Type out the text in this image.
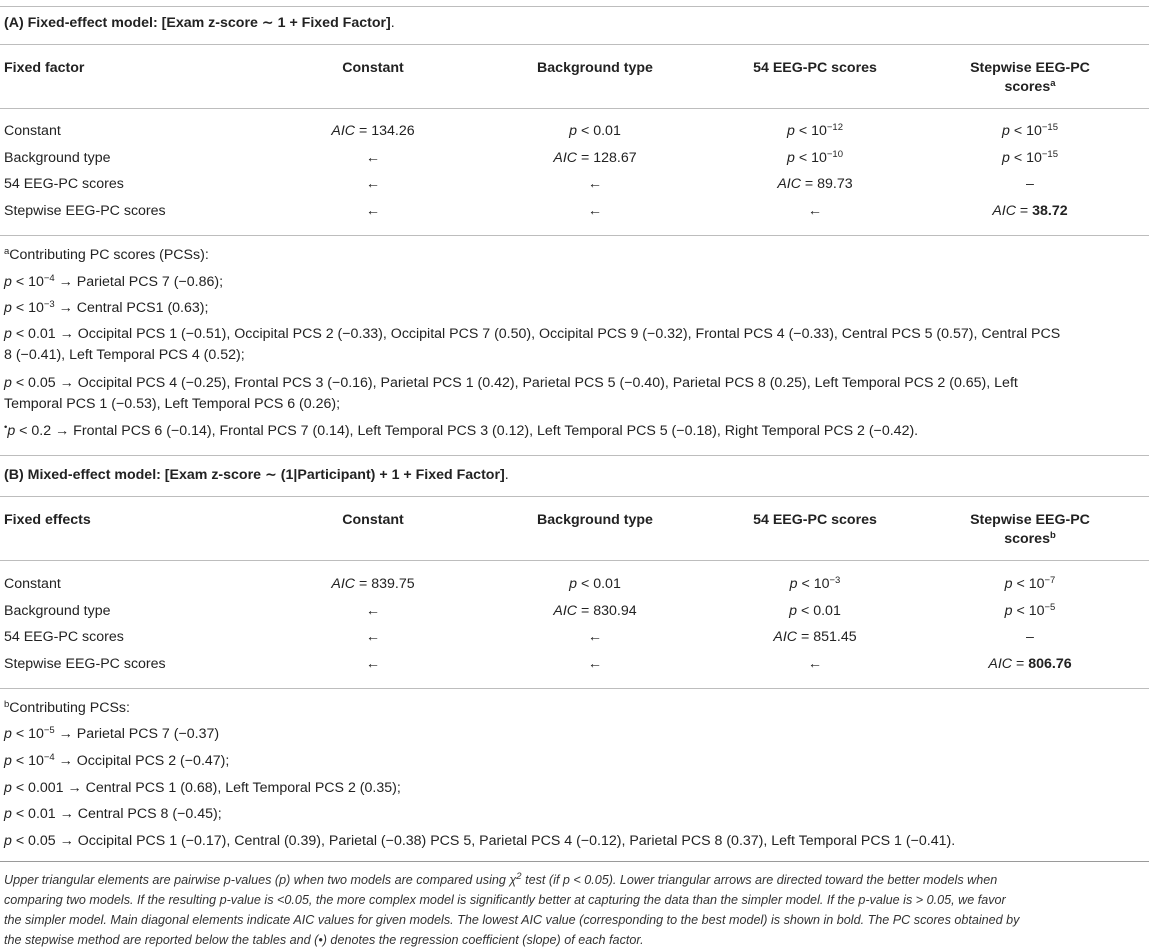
(A) Fixed-effect model: [Exam z-score ∼ 1 + Fixed Factor].
Fixed factor	Constant	Background type	54 EEG-PC scores	Stepwise EEG-PC
scores$^a$
Constant	AIC = 134.26	p < 0.01	$p < 10^{-12}$	$p < 10^{-15}$
Background type	←	AIC = 128.67	$p < 10^{-10}$	$p < 10^{-15}$
54 EEG-PC scores	←	←	AIC = 89.73	–
Stepwise EEG-PC scores	←	←	←	AIC = 38.72
$^a$Contributing PC scores (PCSs):
$p < 10^{-4}$ → Parietal PCS 7 (−0.86);
$p < 10^{-3}$ → Central PCS1 (0.63);
p < 0.01 → Occipital PCS 1 (−0.51), Occipital PCS 2 (−0.33), Occipital PCS 7 (0.50), Occipital PCS 9 (−0.32), Frontal PCS 4 (−0.33), Central PCS 5 (0.57), Central PCS
8 (−0.41), Left Temporal PCS 4 (0.52);
p < 0.05 → Occipital PCS 4 (−0.25), Frontal PCS 3 (−0.16), Parietal PCS 1 (0.42), Parietal PCS 5 (−0.40), Parietal PCS 8 (0.25), Left Temporal PCS 2 (0.65), Left
Temporal PCS 1 (−0.53), Left Temporal PCS 6 (0.26);
•p < 0.2 → Frontal PCS 6 (−0.14), Frontal PCS 7 (0.14), Left Temporal PCS 3 (0.12), Left Temporal PCS 5 (−0.18), Right Temporal PCS 2 (−0.42).
(B) Mixed-effect model: [Exam z-score ∼ (1|Participant) + 1 + Fixed Factor].
Fixed effects	Constant	Background type	54 EEG-PC scores	Stepwise EEG-PC
scores$^b$
Constant	AIC = 839.75	p < 0.01	$p < 10^{-3}$	$p < 10^{-7}$
Background type	←	AIC = 830.94	p < 0.01	$p < 10^{-5}$
54 EEG-PC scores	←	←	AIC = 851.45	–
Stepwise EEG-PC scores	←	←	←	AIC = 806.76
$^b$Contributing PCSs:
$p < 10^{-5}$ → Parietal PCS 7 (−0.37)
$p < 10^{-4}$ → Occipital PCS 2 (−0.47);
p < 0.001 → Central PCS 1 (0.68), Left Temporal PCS 2 (0.35);
p < 0.01 → Central PCS 8 (−0.45);
p < 0.05 → Occipital PCS 1 (−0.17), Central (0.39), Parietal (−0.38) PCS 5, Parietal PCS 4 (−0.12), Parietal PCS 8 (0.37), Left Temporal PCS 1 (−0.41).
Upper triangular elements are pairwise p-values (p) when two models are compared using $\chi^2$ test (if p < 0.05). Lower triangular arrows are directed toward the better models when
comparing two models. If the resulting p-value is <0.05, the more complex model is significantly better at capturing the data than the simpler model. If the p-value is > 0.05, we favor
the simpler model. Main diagonal elements indicate AIC values for given models. The lowest AIC value (corresponding to the best model) is shown in bold. The PC scores obtained by
the stepwise method are reported below the tables and (•) denotes the regression coefficient (slope) of each factor.
